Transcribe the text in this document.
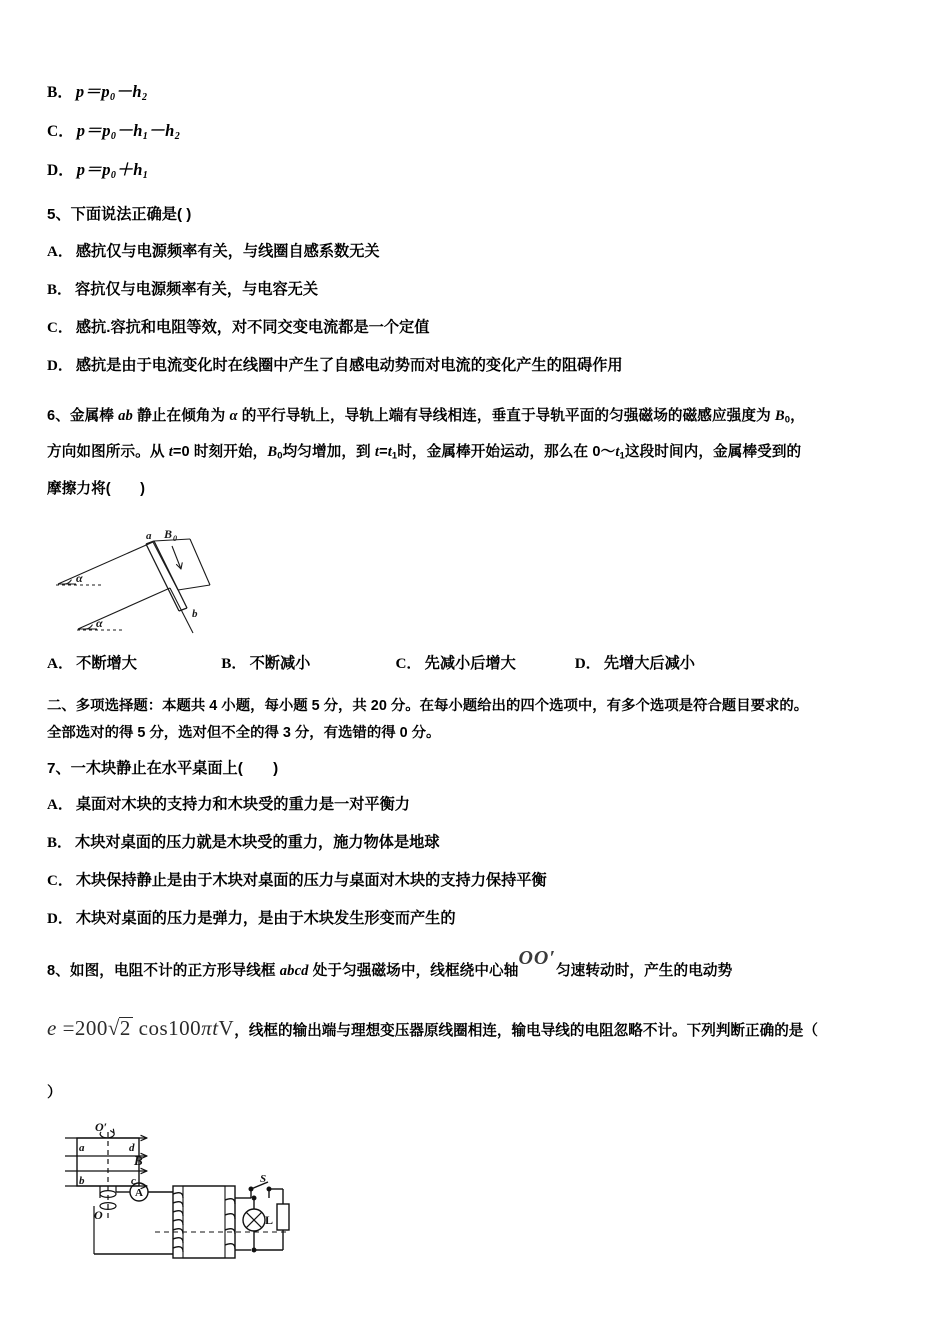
B． $p=p_0-h_2$
C． $p=p_0-h_1-h_2$
D． $p=p_0+h_1$
5、下面说法正确是( )
A． 感抗仅与电源频率有关，与线圈自感系数无关
B． 容抗仅与电源频率有关，与电容无关
C． 感抗.容抗和电阻等效，对不同交变电流都是一个定值
D． 感抗是由于电流变化时在线圈中产生了自感电动势而对电流的变化产生的阻碍作用
6、金属棒 ab 静止在倾角为 α 的平行导轨上，导轨上端有导线相连，垂直于导轨平面的匀强磁场的磁感应强度为 $B_0$，
方向如图所示。从 t=0 时刻开始，$B_0$均匀增加，到 $t=t_1$时，金属棒开始运动，那么在 $0\sim t_1$这段时间内，金属棒受到的
摩擦力将(　　)
B 0
a
b
α
α
A． 不断增大	B． 不断减小	C． 先减小后增大	D． 先增大后减小
二、多项选择题：本题共 4 小题，每小题 5 分，共 20 分。在每小题给出的四个选项中，有多个选项是符合题目要求的。
全部选对的得 5 分，选对但不全的得 3 分，有选错的得 0 分。
7、一木块静止在水平桌面上(　　)
A． 桌面对木块的支持力和木块受的重力是一对平衡力
B． 木块对桌面的压力就是木块受的重力，施力物体是地球
C． 木块保持静止是由于木块对桌面的压力与桌面对木块的支持力保持平衡
D． 木块对桌面的压力是弹力，是由于木块发生形变而产生的
8、如图，电阻不计的正方形导线框 abcd 处于匀强磁场中，线框绕中心轴OO′匀速转动时，产生的电动势
e =200 √ 2 cos100πtV，线框的输出端与理想变压器原线圈相连，输电导线的电阻忽略不计。下列判断正确的是（
）
O′
O
a	d
b	c
B
A
S
L
